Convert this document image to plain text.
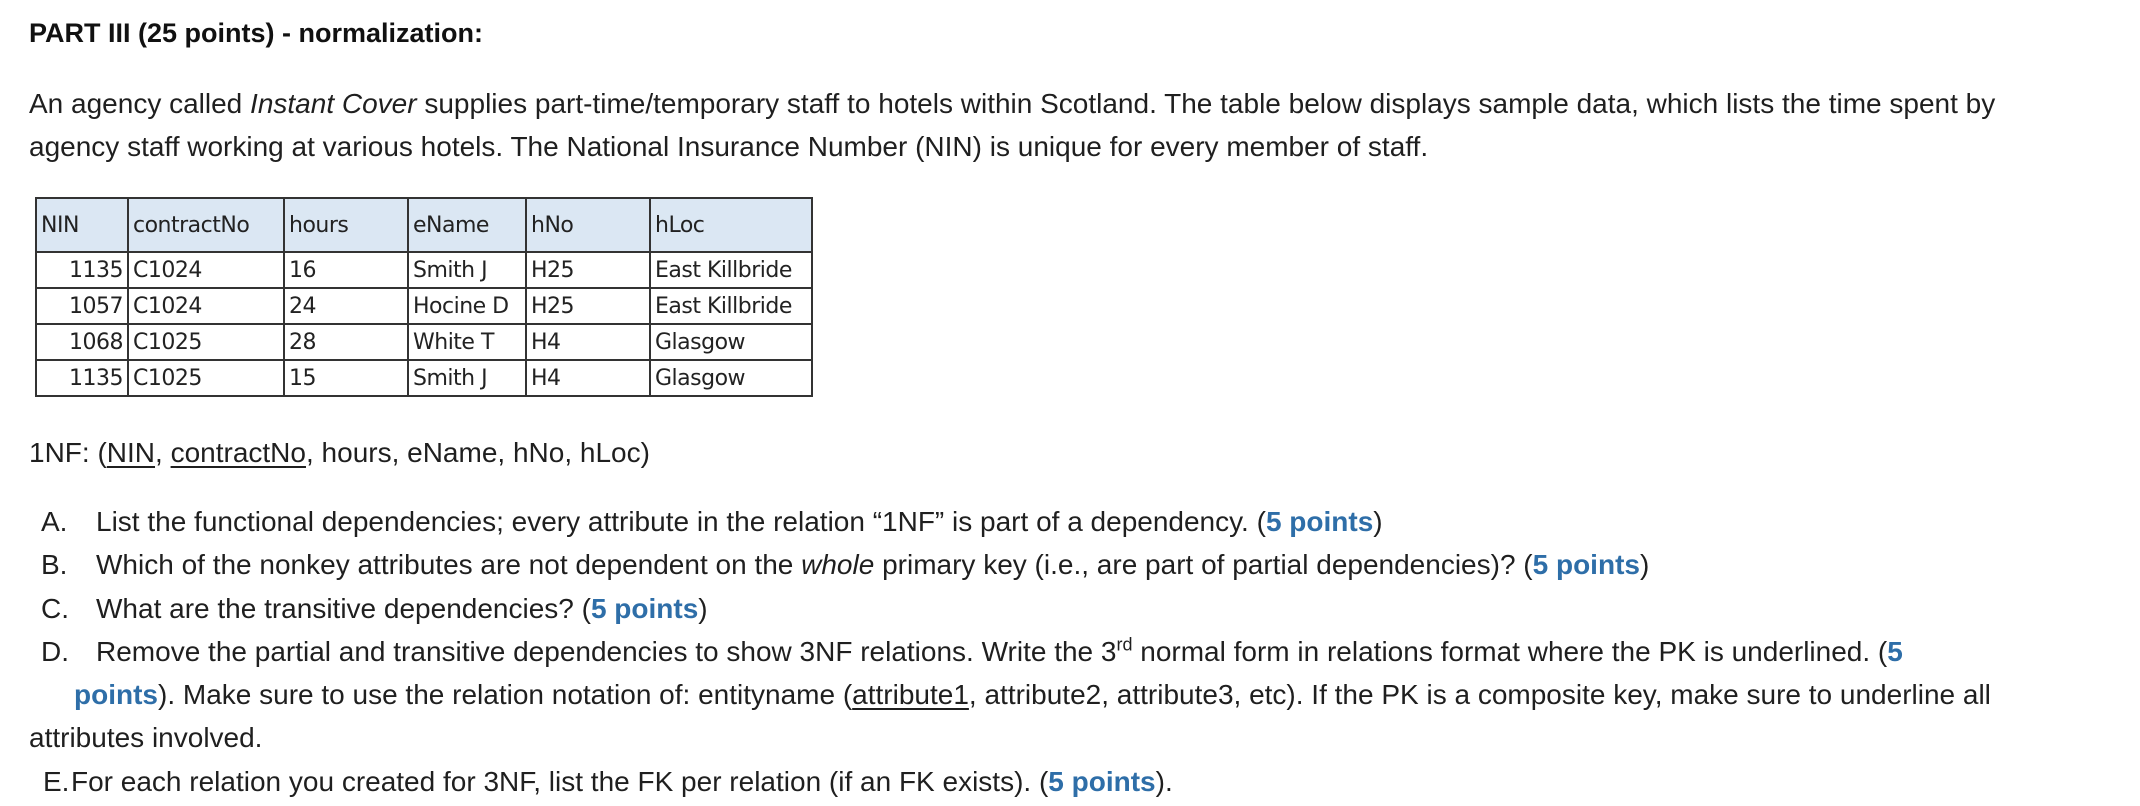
PART III (25 points) - normalization:
An agency called Instant Cover supplies part-time/temporary staff to hotels within Scotland. The table below displays sample data, which lists the time spent by agency staff working at various hotels. The National Insurance Number (NIN) is unique for every member of staff.
NIN	contractNo	hours	eName	hNo	hLoc
1135	C1024	16	Smith J	H25	East Killbride
1057	C1024	24	Hocine D	H25	East Killbride
1068	C1025	28	White T	H4	Glasgow
1135	C1025	15	Smith J	H4	Glasgow
1NF: (NIN, contractNo, hours, eName, hNo, hLoc)
A. List the functional dependencies; every attribute in the relation “1NF” is part of a dependency. (5 points)
B. Which of the nonkey attributes are not dependent on the whole primary key (i.e., are part of partial dependencies)? (5 points)
C. What are the transitive dependencies? (5 points)
D. Remove the partial and transitive dependencies to show 3NF relations. Write the 3rd normal form in relations format where the PK is underlined. (5
points). Make sure to use the relation notation of: entityname (attribute1, attribute2, attribute3, etc). If the PK is a composite key, make sure to underline all attributes involved.
E.For each relation you created for 3NF, list the FK per relation (if an FK exists). (5 points).
